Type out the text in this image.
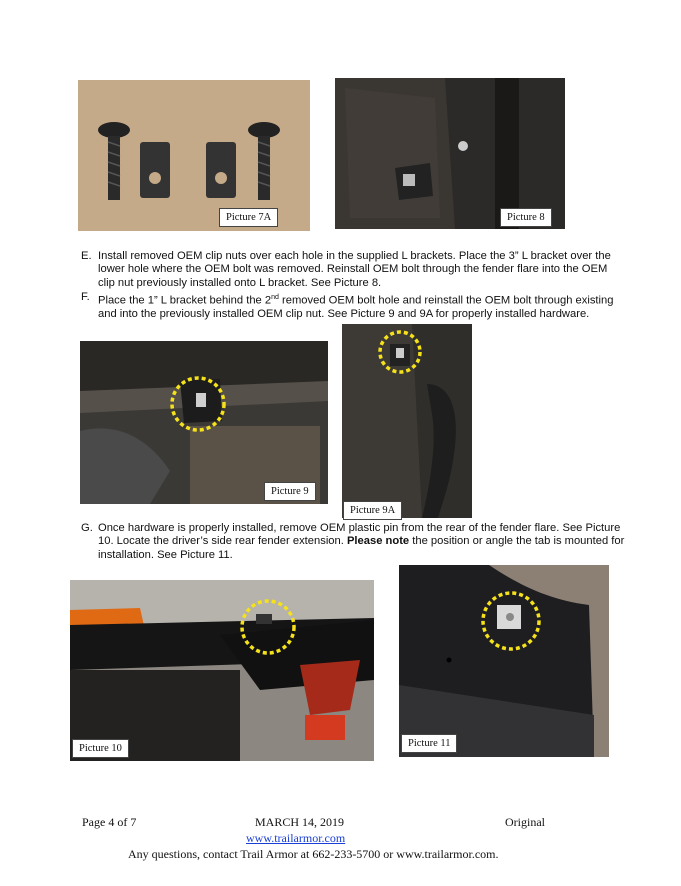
Picture 7A	Picture 8
E. Install removed OEM clip nuts over each hole in the supplied L brackets. Place the 3” L bracket over the lower hole where the OEM bolt was removed. Reinstall OEM bolt through the fender flare into the OEM clip nut previously installed onto L bracket. See Picture 8.
F. Place the 1” L bracket behind the 2nd removed OEM bolt hole and reinstall the OEM bolt through existing and into the previously installed OEM clip nut. See Picture 9 and 9A for properly installed hardware.
Picture 9
Picture 9A
G. Once hardware is properly installed, remove OEM plastic pin from the rear of the fender flare. See Picture 10. Locate the driver’s side rear fender extension. Please note the position or angle the tab is mounted for installation. See Picture 11.
Picture 10	Picture 11
Page 4 of 7	MARCH 14, 2019	Original
www.trailarmor.com
Any questions, contact Trail Armor at 662-233-5700 or www.trailarmor.com.
